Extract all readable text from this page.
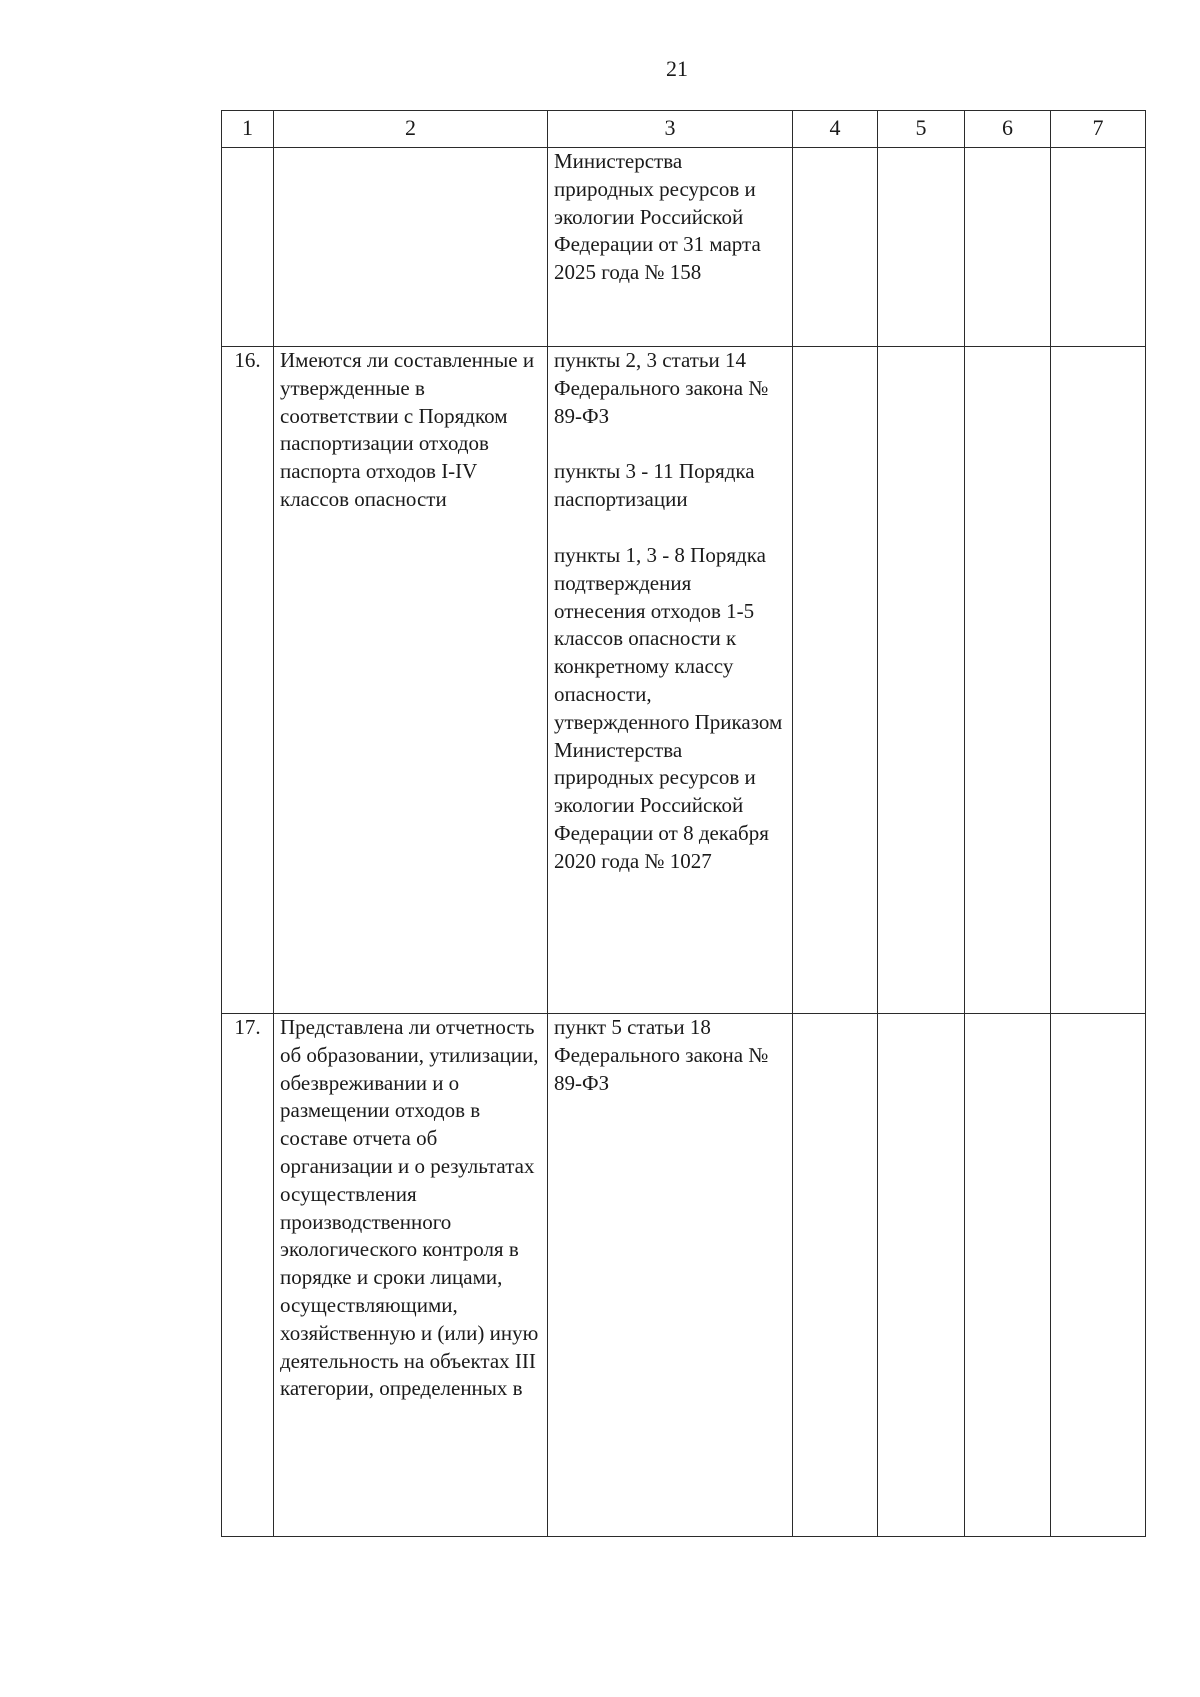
21
1	2	3	4	5	6	7
		Министерства природных ресурсов и экологии Российской Федерации от 31 марта 2025 года № 158				
16.	Имеются ли составленные и утвержденные в соответствии с Порядком паспортизации отходов паспорта отходов I-IV классов опасности	пункты 2, 3 статьи 14 Федерального закона № 89-ФЗ
пункты 3 - 11 Порядка паспортизации
пункты 1, 3 - 8 Порядка подтверждения отнесения отходов 1-5 классов опасности к конкретному классу опасности, утвержденного Приказом Министерства природных ресурсов и экологии Российской Федерации от 8 декабря 2020 года № 1027				

17.	Представлена ли отчетность об образовании, утилизации, обезвреживании и о размещении отходов в составе отчета об организации и о результатах осуществления производственного экологического контроля в порядке и сроки лицами, осуществляющими, хозяйственную и (или) иную деятельность на объектах III категории, определенных в	пункт 5 статьи 18 Федерального закона № 89-ФЗ				
